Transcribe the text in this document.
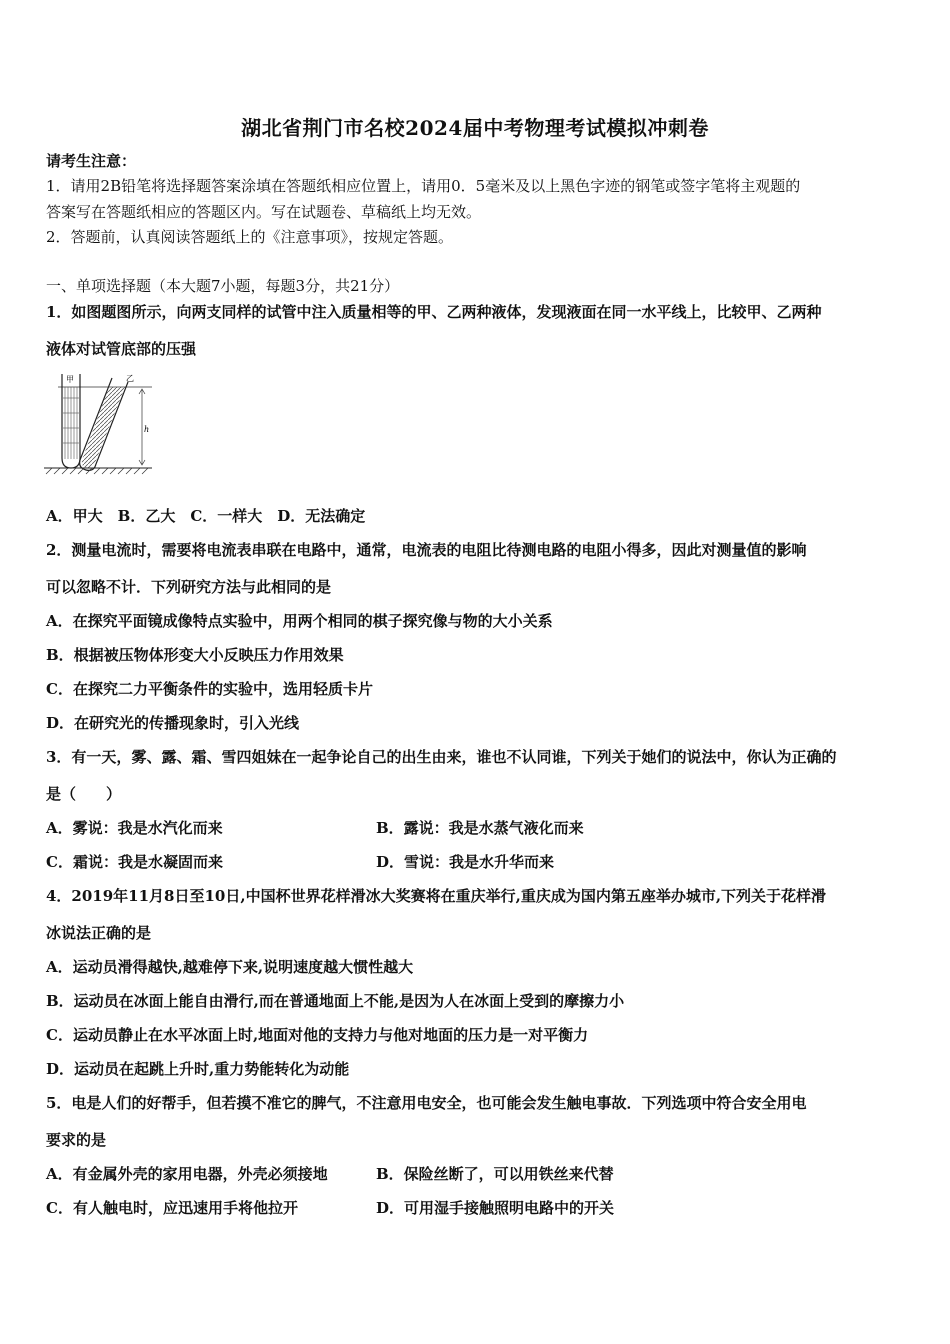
湖北省荆门市名校2024届中考物理考试模拟冲刺卷
请考生注意：
1．请用2B铅笔将选择题答案涂填在答题纸相应位置上，请用0．5毫米及以上黑色字迹的钢笔或签字笔将主观题的
答案写在答题纸相应的答题区内。写在试题卷、草稿纸上均无效。
2．答题前，认真阅读答题纸上的《注意事项》，按规定答题。
一、单项选择题（本大题7小题，每题3分，共21分）
1．如图题图所示，向两支同样的试管中注入质量相等的甲、乙两种液体，发现液面在同一水平线上，比较甲、乙两种
液体对试管底部的压强
甲	乙
h
A．甲大　B．乙大　C．一样大　D．无法确定
2．测量电流时，需要将电流表串联在电路中，通常，电流表的电阻比待测电路的电阻小得多，因此对测量值的影响
可以忽略不计．下列研究方法与此相同的是
A．在探究平面镜成像特点实验中，用两个相同的棋子探究像与物的大小关系
B．根据被压物体形变大小反映压力作用效果
C．在探究二力平衡条件的实验中，选用轻质卡片
D．在研究光的传播现象时，引入光线
3．有一天，雾、露、霜、雪四姐妹在一起争论自己的出生由来，谁也不认同谁，下列关于她们的说法中，你认为正确的
是（　　）
A．雾说：我是水汽化而来	B．露说：我是水蒸气液化而来
C．霜说：我是水凝固而来	D．雪说：我是水升华而来
4．2019年11月8日至10日,中国杯世界花样滑冰大奖赛将在重庆举行,重庆成为国内第五座举办城市,下列关于花样滑
冰说法正确的是
A．运动员滑得越快,越难停下来,说明速度越大惯性越大
B．运动员在冰面上能自由滑行,而在普通地面上不能,是因为人在冰面上受到的摩擦力小
C．运动员静止在水平冰面上时,地面对他的支持力与他对地面的压力是一对平衡力
D．运动员在起跳上升时,重力势能转化为动能
5．电是人们的好帮手，但若摸不准它的脾气，不注意用电安全，也可能会发生触电事故．下列选项中符合安全用电
要求的是
A．有金属外壳的家用电器，外壳必须接地	B．保险丝断了，可以用铁丝来代替
C．有人触电时，应迅速用手将他拉开	D．可用湿手接触照明电路中的开关
